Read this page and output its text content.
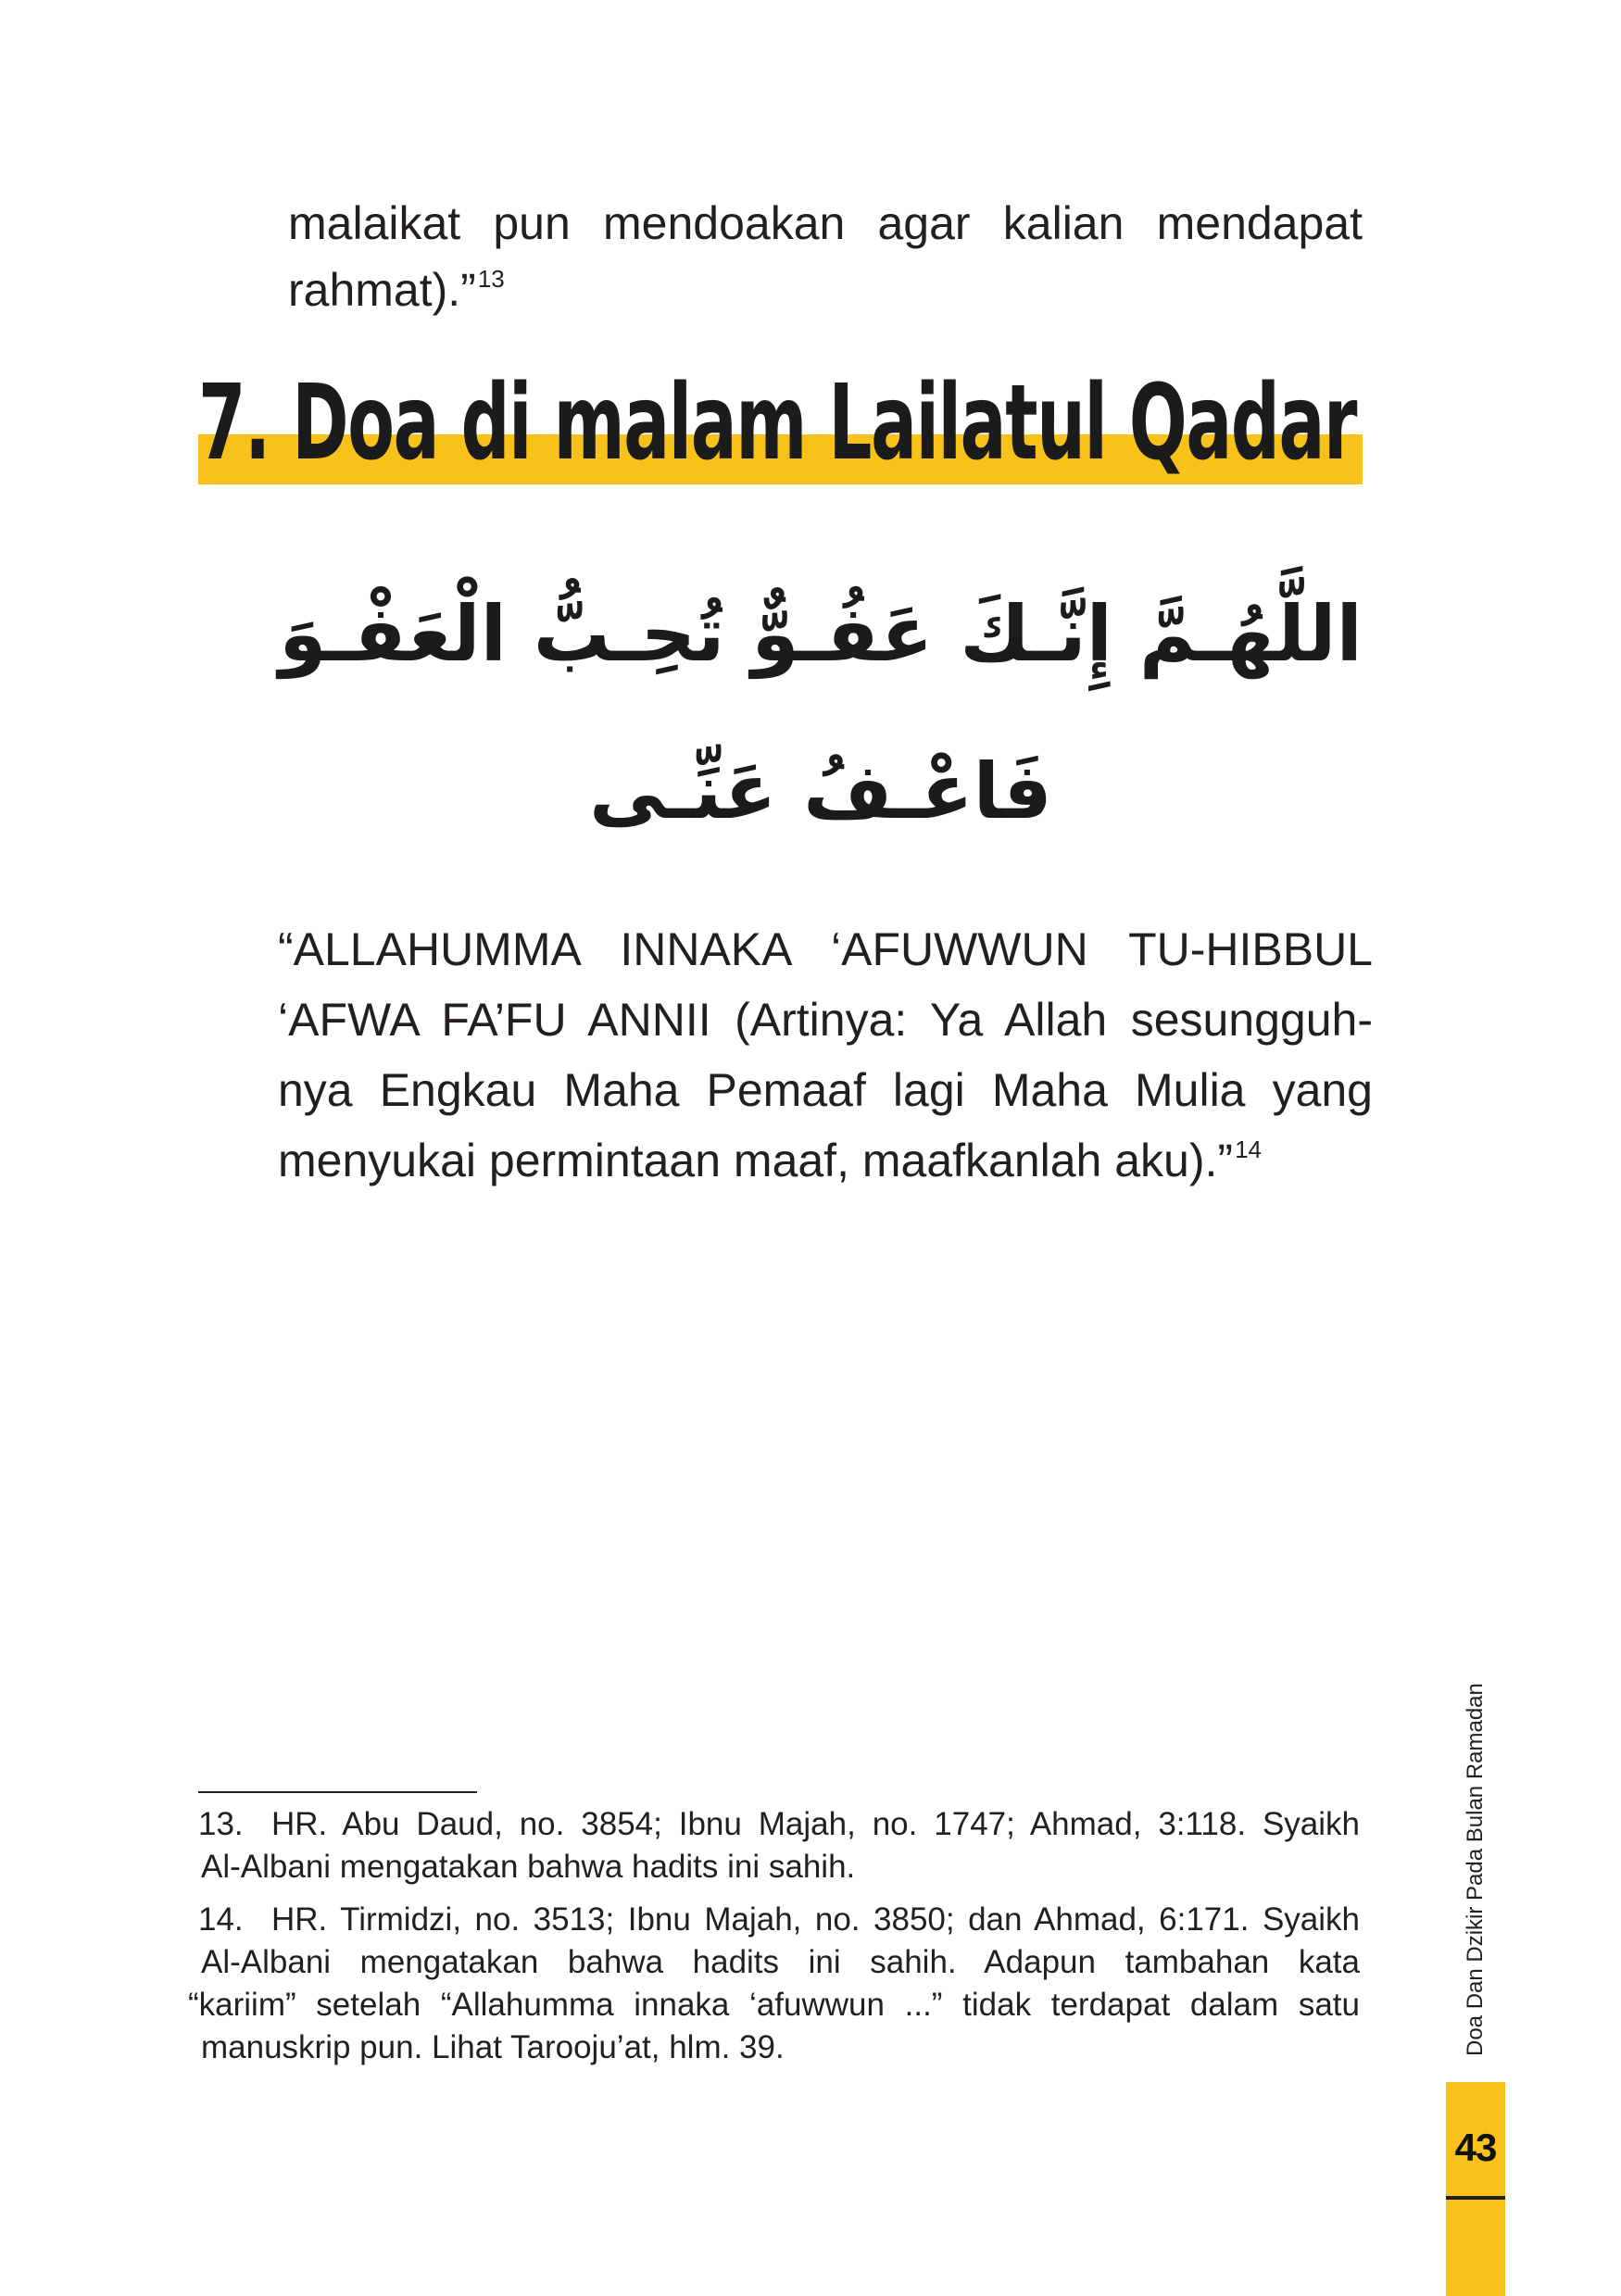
malaikat pun mendoakan agar kalian mendapat
rahmat).”$^{13}$
7. Doa di malam Lailatul Qadar
اللَّهُـمَّ إِنَّـكَ عَفُـوٌّ تُحِـبُّ الْعَفْـوَ
فَاعْـفُ عَنِّـى
“ALLAHUMMA INNAKA ‘AFUWWUN TU-HIBBUL
‘AFWA FA’FU ANNII (Artinya: Ya Allah sesungguh-
nya Engkau Maha Pemaaf lagi Maha Mulia yang
menyukai permintaan maaf, maafkanlah aku).”$^{14}$
13. HR. Abu Daud, no. 3854; Ibnu Majah, no. 1747; Ahmad, 3:118. Syaikh
Al-Albani mengatakan bahwa hadits ini sahih.
14. HR. Tirmidzi, no. 3513; Ibnu Majah, no. 3850; dan Ahmad, 6:171. Syaikh
Al-Albani mengatakan bahwa hadits ini sahih. Adapun tambahan kata
“kariim” setelah “Allahumma innaka ‘afuwwun ...” tidak terdapat dalam satu
manuskrip pun. Lihat Tarooju’at, hlm. 39.	Doa Dan Dzikir Pada Bulan Ramadan
43
